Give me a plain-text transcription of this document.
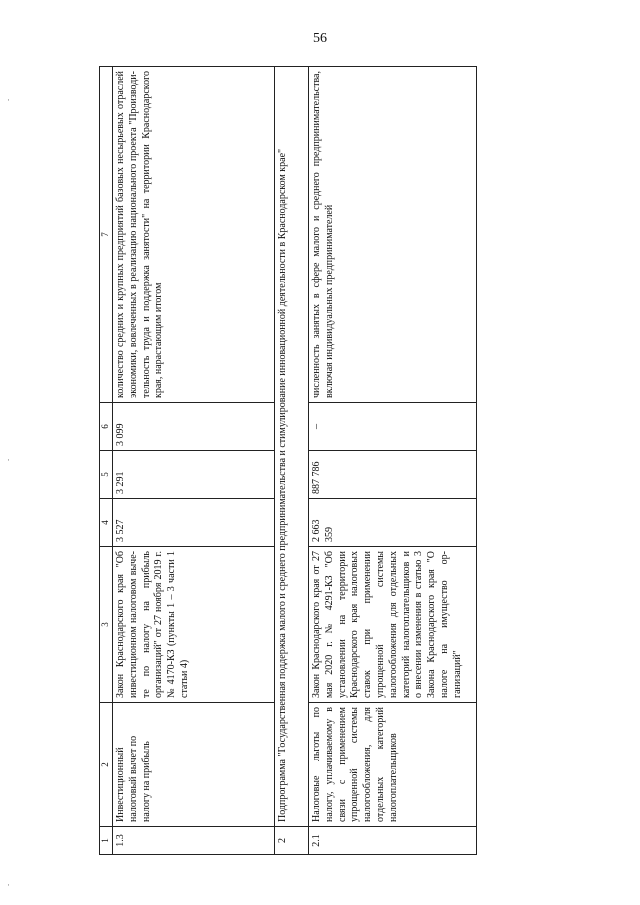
56
·
·
·
1	2	3	4	5	6	7
1.3	Инвестиционный налоговый вычет по налогу на прибыль	Закон Краснодарского края "Об инвестиционном налоговом вычете по налогу на прибыль организаций" от 27 ноября 2019 г. № 4170-КЗ (пункты 1 – 3 части 1 статьи 4)	3 527	3 291	3 099	количество средних и крупных предприятий базовых несырьевых отраслей экономики, вовлеченных в реализацию национального проекта "Производительность труда и поддержка занятости" на территории Краснодарского края, нарастающим итогом
2	Подпрограмма "Государственная поддержка малого и среднего предпринимательства и стимулирование инновационной деятельности в Краснодарском крае"					
2.1	Налоговые льготы по налогу, уплачиваемому в связи с применением упрощенной системы налогообложения, для отдельных категорий налогоплательщиков	Закон Краснодарского края от 27 мая 2020 г. № 4291-КЗ "Об установлении на территории Краснодарского края налоговых ставок при применении упрощенной системы налогообложения для отдельных категорий налогоплательщиков и о внесении изменения в статью 3 Закона Краснодарского края "О налоге на имущество организаций"	2 663 359	887 786	–	численность занятых в сфере малого и среднего предпринимательства, включая индивидуальных предпринимателей
